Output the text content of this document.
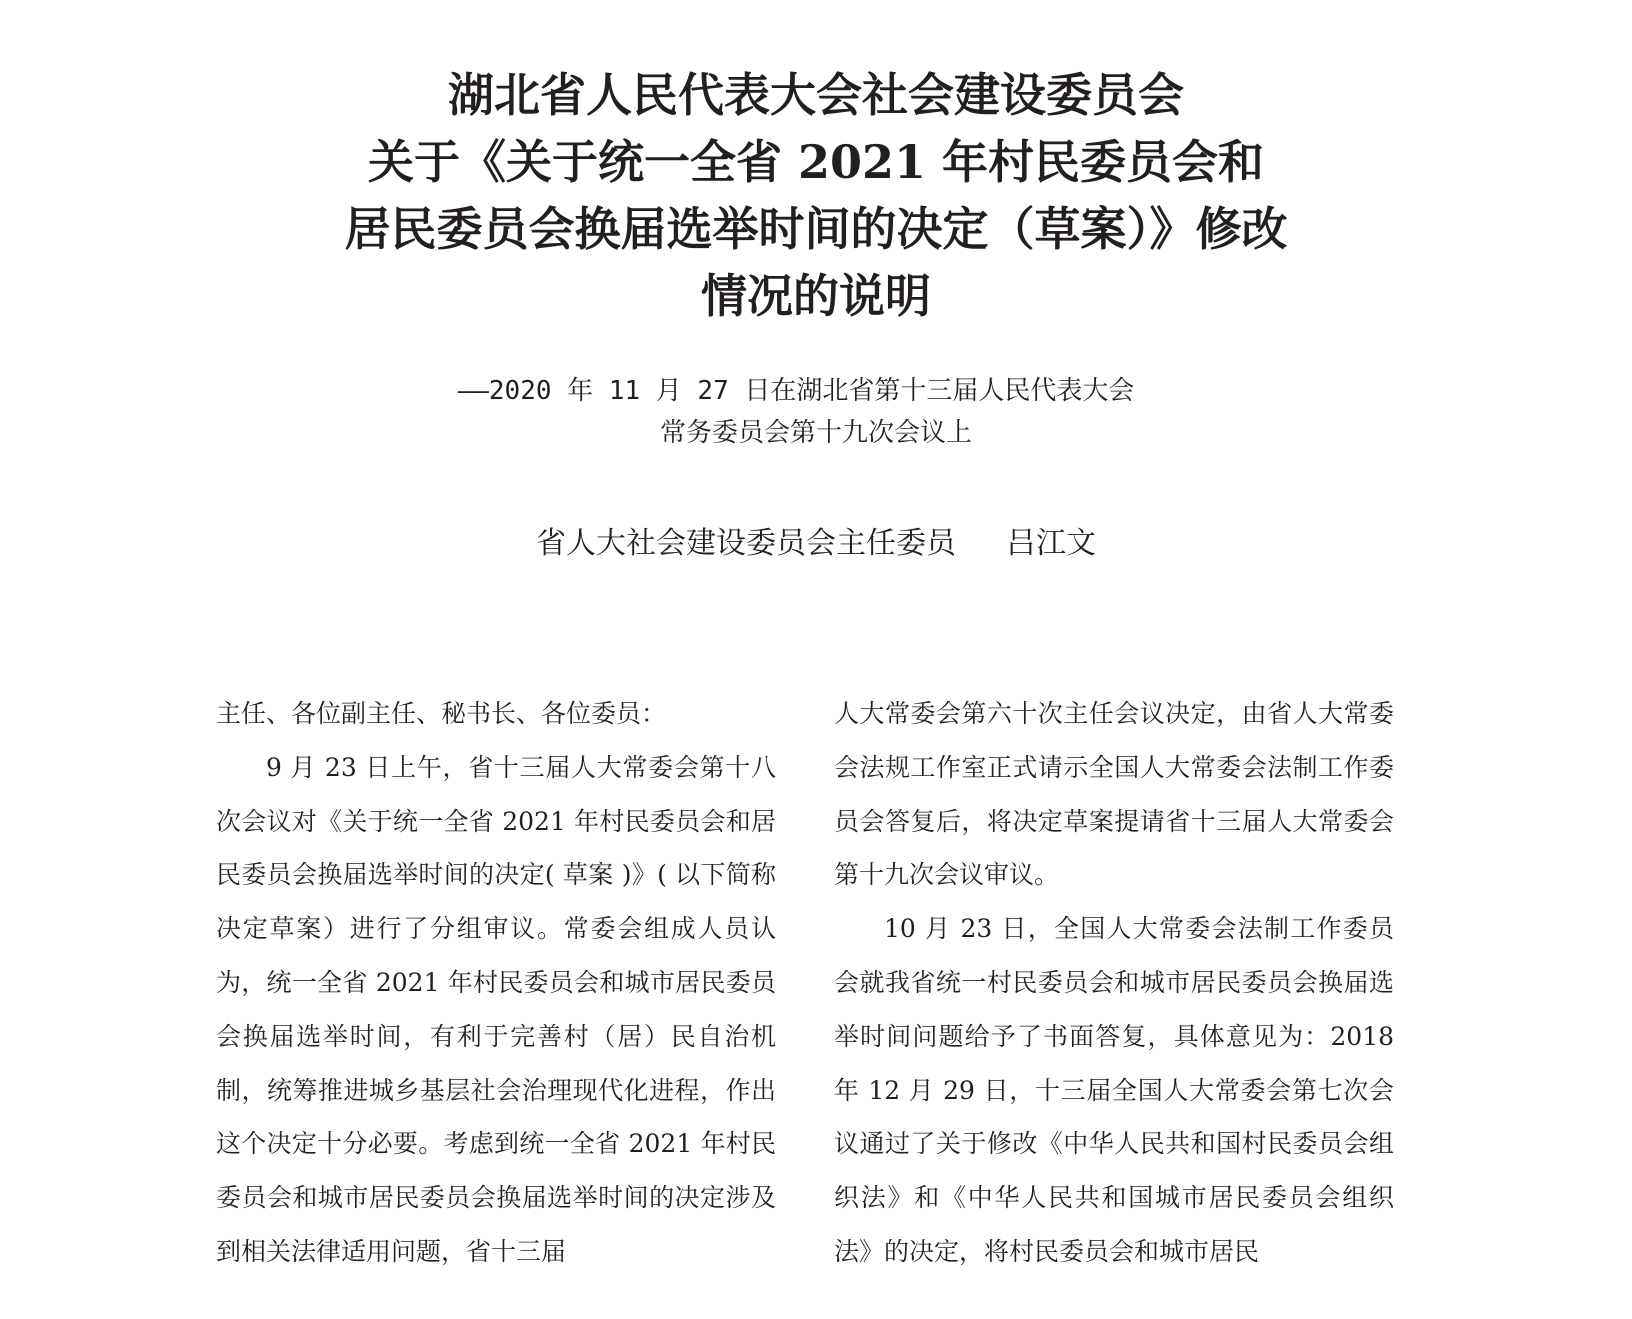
湖北省人民代表大会社会建设委员会
关于《关于统一全省 2021 年村民委员会和
居民委员会换届选举时间的决定（草案）》修改
情况的说明
——2020 年 11 月 27 日在湖北省第十三届人民代表大会
常务委员会第十九次会议上
省人大社会建设委员会主任委员 吕江文

主任、各位副主任、秘书长、各位委员：

9 月 23 日上午，省十三届人大常委会第十八次会议对《关于统一全省 2021 年村民委员会和居民委员会换届选举时间的决定( 草案 )》( 以下简称决定草案）进行了分组审议。常委会组成人员认为，统一全省 2021 年村民委员会和城市居民委员会换届选举时间，有利于完善村（居）民自治机制，统筹推进城乡基层社会治理现代化进程，作出这个决定十分必要。考虑到统一全省 2021 年村民委员会和城市居民委员会换届选举时间的决定涉及到相关法律适用问题，省十三届

人大常委会第六十次主任会议决定，由省人大常委会法规工作室正式请示全国人大常委会法制工作委员会答复后，将决定草案提请省十三届人大常委会第十九次会议审议。

10 月 23 日，全国人大常委会法制工作委员会就我省统一村民委员会和城市居民委员会换届选举时间问题给予了书面答复，具体意见为：2018 年 12 月 29 日，十三届全国人大常委会第七次会议通过了关于修改《中华人民共和国村民委员会组织法》和《中华人民共和国城市居民委员会组织法》的决定，将村民委员会和城市居民
